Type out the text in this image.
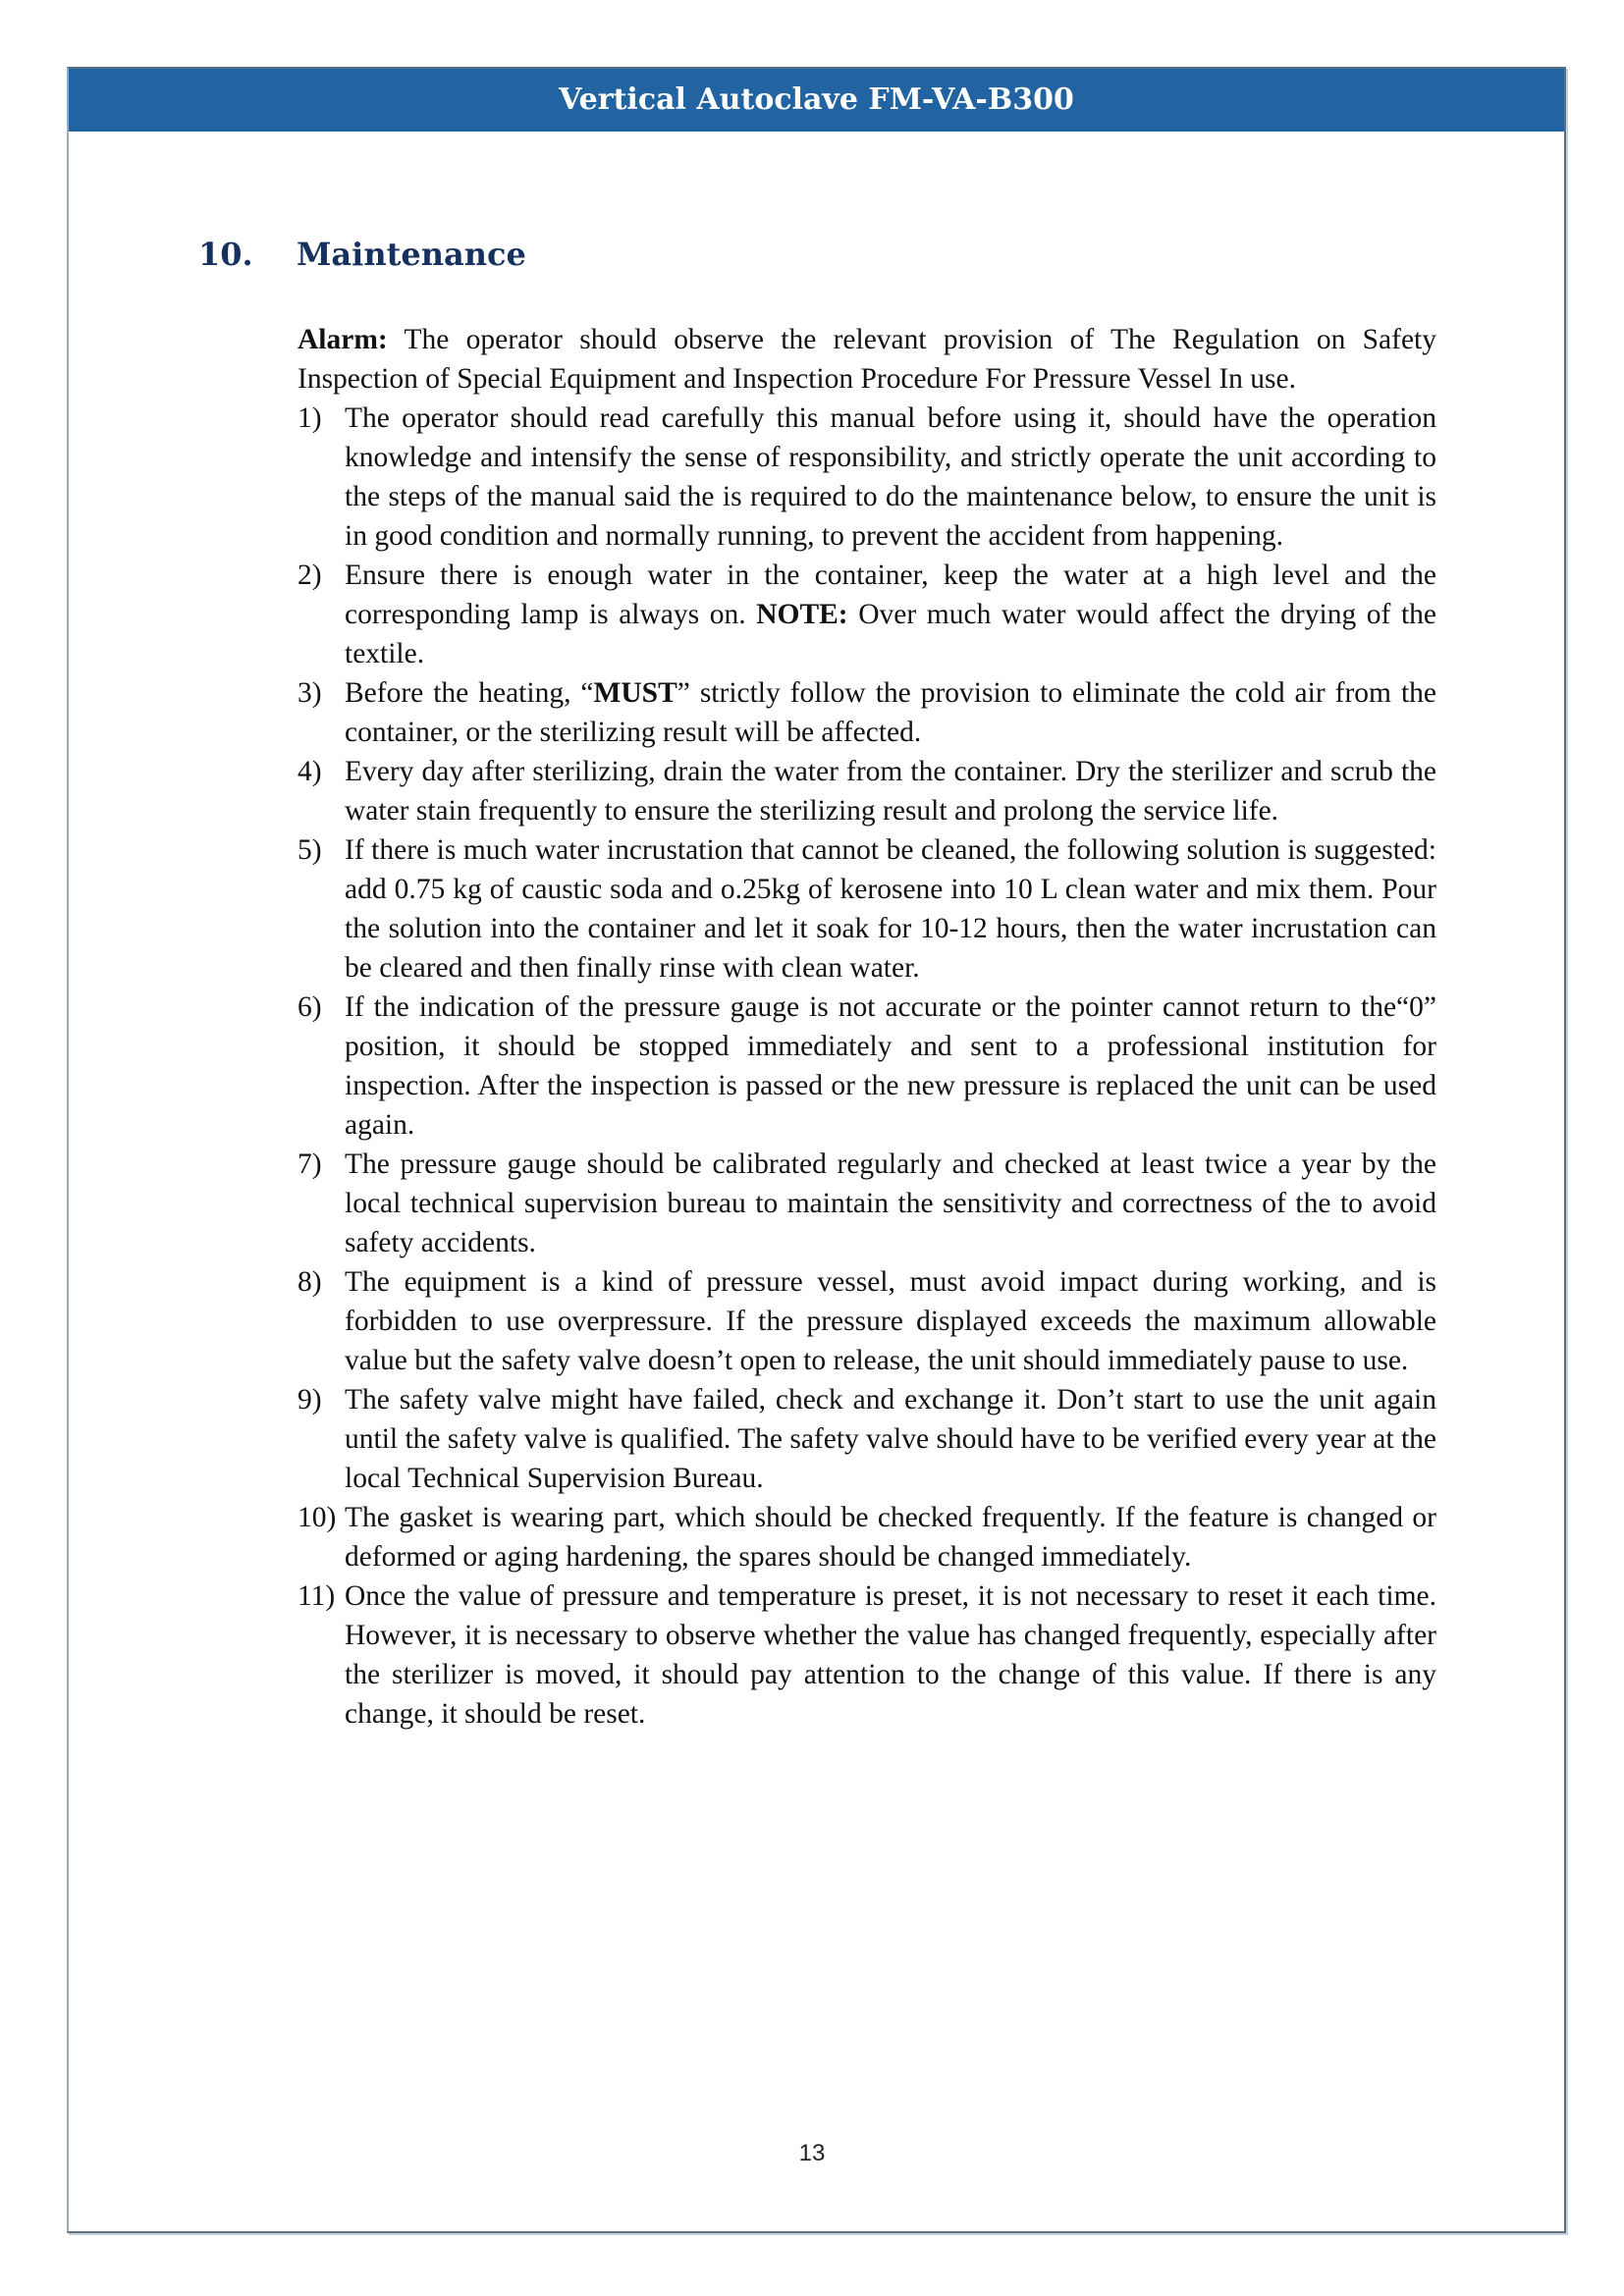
Vertical Autoclave FM-VA-B300
10. Maintenance

Alarm: The operator should observe the relevant provision of The Regulation on Safety Inspection of Special Equipment and Inspection Procedure For Pressure Vessel In use.

1) The operator should read carefully this manual before using it, should have the operation knowledge and intensify the sense of responsibility, and strictly operate the unit according to the steps of the manual said the is required to do the maintenance below, to ensure the unit is in good condition and normally running, to prevent the accident from happening.
2) Ensure there is enough water in the container, keep the water at a high level and the corresponding lamp is always on. NOTE: Over much water would affect the drying of the textile.
3) Before the heating, “MUST” strictly follow the provision to eliminate the cold air from the container, or the sterilizing result will be affected.
4) Every day after sterilizing, drain the water from the container. Dry the sterilizer and scrub the water stain frequently to ensure the sterilizing result and prolong the service life.
5) If there is much water incrustation that cannot be cleaned, the following solution is suggested: add 0.75 kg of caustic soda and o.25kg of kerosene into 10 L clean water and mix them. Pour the solution into the container and let it soak for 10-12 hours, then the water incrustation can be cleared and then finally rinse with clean water.
6) If the indication of the pressure gauge is not accurate or the pointer cannot return to the“0” position, it should be stopped immediately and sent to a professional institution for inspection. After the inspection is passed or the new pressure is replaced the unit can be used again.
7) The pressure gauge should be calibrated regularly and checked at least twice a year by the local technical supervision bureau to maintain the sensitivity and correctness of the to avoid safety accidents.
8) The equipment is a kind of pressure vessel, must avoid impact during working, and is forbidden to use overpressure. If the pressure displayed exceeds the maximum allowable value but the safety valve doesn’t open to release, the unit should immediately pause to use.
9) The safety valve might have failed, check and exchange it. Don’t start to use the unit again until the safety valve is qualified. The safety valve should have to be verified every year at the local Technical Supervision Bureau.
10) The gasket is wearing part, which should be checked frequently. If the feature is changed or deformed or aging hardening, the spares should be changed immediately.
11) Once the value of pressure and temperature is preset, it is not necessary to reset it each time. However, it is necessary to observe whether the value has changed frequently, especially after the sterilizer is moved, it should pay attention to the change of this value. If there is any change, it should be reset.
13
